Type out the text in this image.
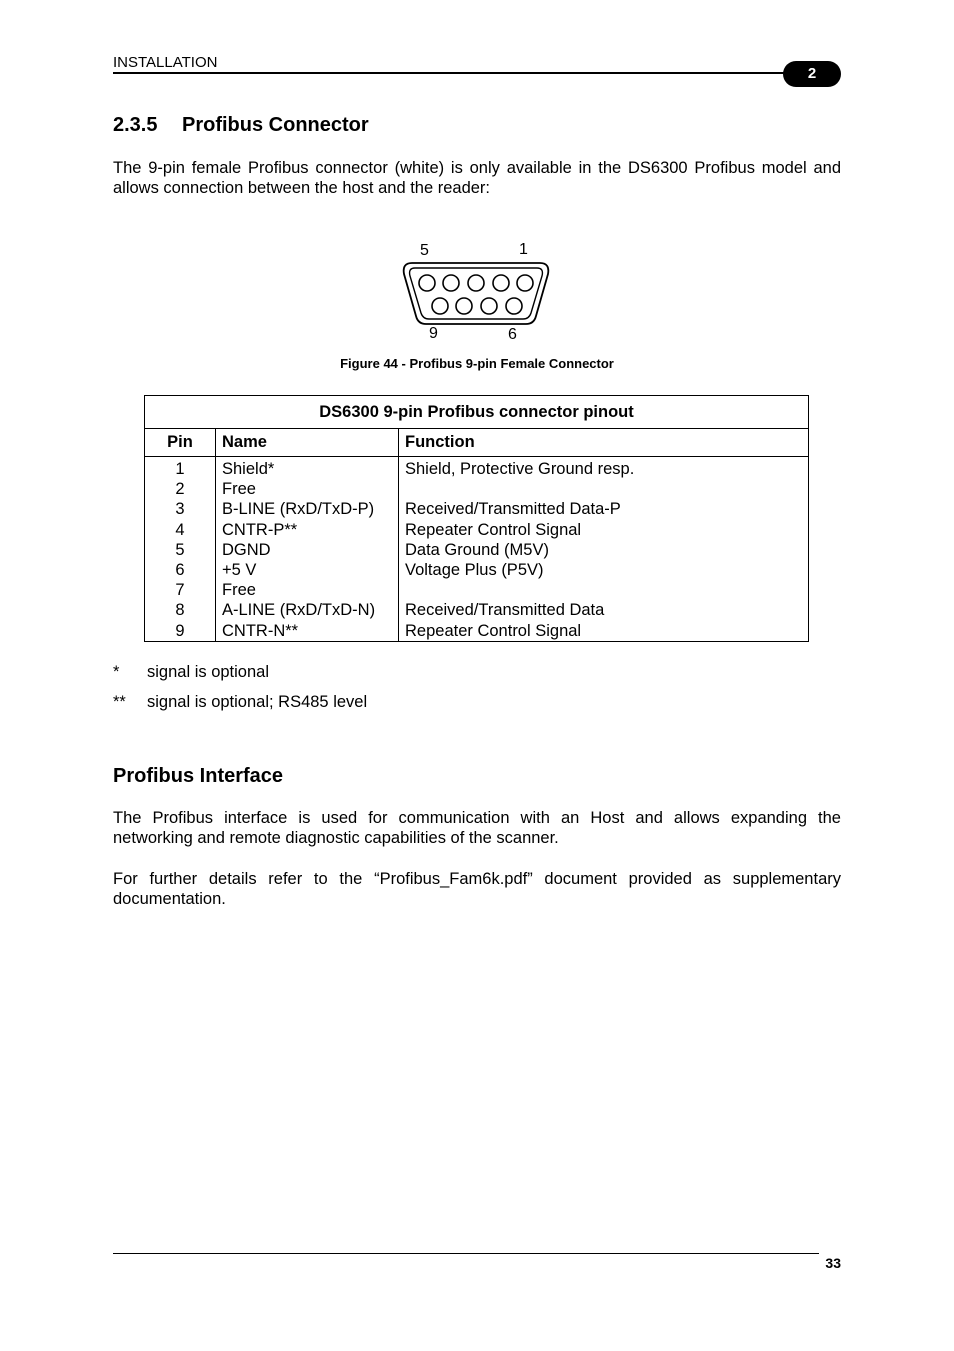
INSTALLATION
2
2.3.5 Profibus Connector
The 9-pin female Profibus connector (white) is only available in the DS6300 Profibus model and allows connection between the host and the reader:
5	1
9	6
Figure 44 - Profibus 9-pin Female Connector
DS6300 9-pin Profibus connector pinout		
Pin	Name	Function
1	Shield*	Shield, Protective Ground resp.
2	Free	
3	B-LINE (RxD/TxD-P)	Received/Transmitted Data-P
4	CNTR-P**	Repeater Control Signal
5	DGND	Data Ground (M5V)
6	+5 V	Voltage Plus (P5V)
7	Free	
8	A-LINE (RxD/TxD-N)	Received/Transmitted Data
9	CNTR-N**	Repeater Control Signal
* signal is optional
** signal is optional; RS485 level
Profibus Interface
The Profibus interface is used for communication with an Host and allows expanding the networking and remote diagnostic capabilities of the scanner.
For further details refer to the “Profibus_Fam6k.pdf” document provided as supplementary documentation.
33
